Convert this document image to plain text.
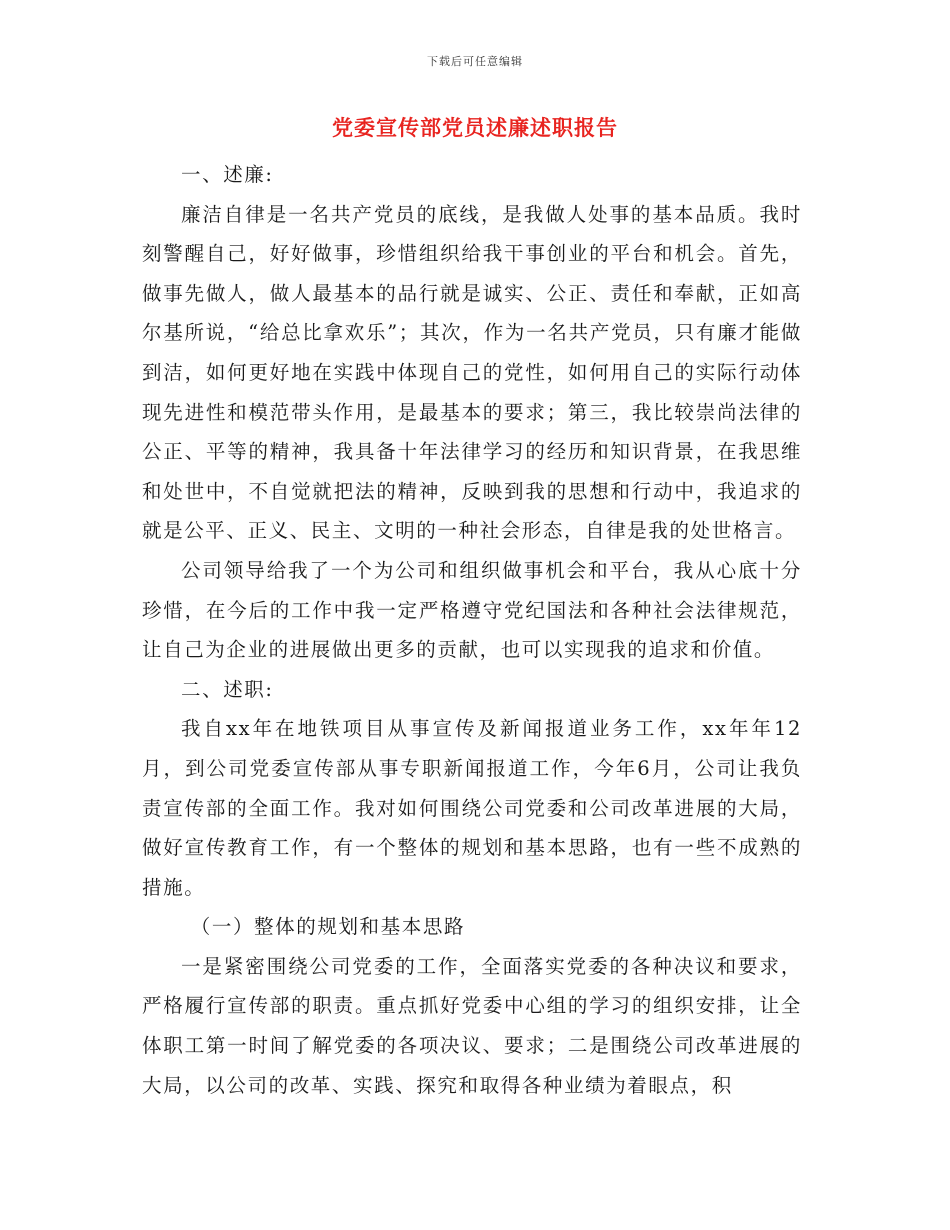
下载后可任意编辑
党委宣传部党员述廉述职报告

一、述廉:

廉洁自律是一名共产党员的底线，是我做人处事的基本品质。我时刻警醒自己，好好做事，珍惜组织给我干事创业的平台和机会。首先，做事先做人，做人最基本的品行就是诚实、公正、责任和奉献，正如高尔基所说，“给总比拿欢乐”；其次，作为一名共产党员，只有廉才能做到洁，如何更好地在实践中体现自己的党性，如何用自己的实际行动体现先进性和模范带头作用，是最基本的要求；第三，我比较崇尚法律的公正、平等的精神，我具备十年法律学习的经历和知识背景，在我思维和处世中，不自觉就把法的精神，反映到我的思想和行动中，我追求的就是公平、正义、民主、文明的一种社会形态，自律是我的处世格言。

公司领导给我了一个为公司和组织做事机会和平台，我从心底十分珍惜，在今后的工作中我一定严格遵守党纪国法和各种社会法律规范，让自己为企业的进展做出更多的贡献，也可以实现我的追求和价值。

二、述职:

我自xx年在地铁项目从事宣传及新闻报道业务工作，xx年年12月，到公司党委宣传部从事专职新闻报道工作，今年6月，公司让我负责宣传部的全面工作。我对如何围绕公司党委和公司改革进展的大局，做好宣传教育工作，有一个整体的规划和基本思路，也有一些不成熟的措施。

（一）整体的规划和基本思路

一是紧密围绕公司党委的工作，全面落实党委的各种决议和要求，严格履行宣传部的职责。重点抓好党委中心组的学习的组织安排，让全体职工第一时间了解党委的各项决议、要求；二是围绕公司改革进展的大局，以公司的改革、实践、探究和取得各种业绩为着眼点，积
